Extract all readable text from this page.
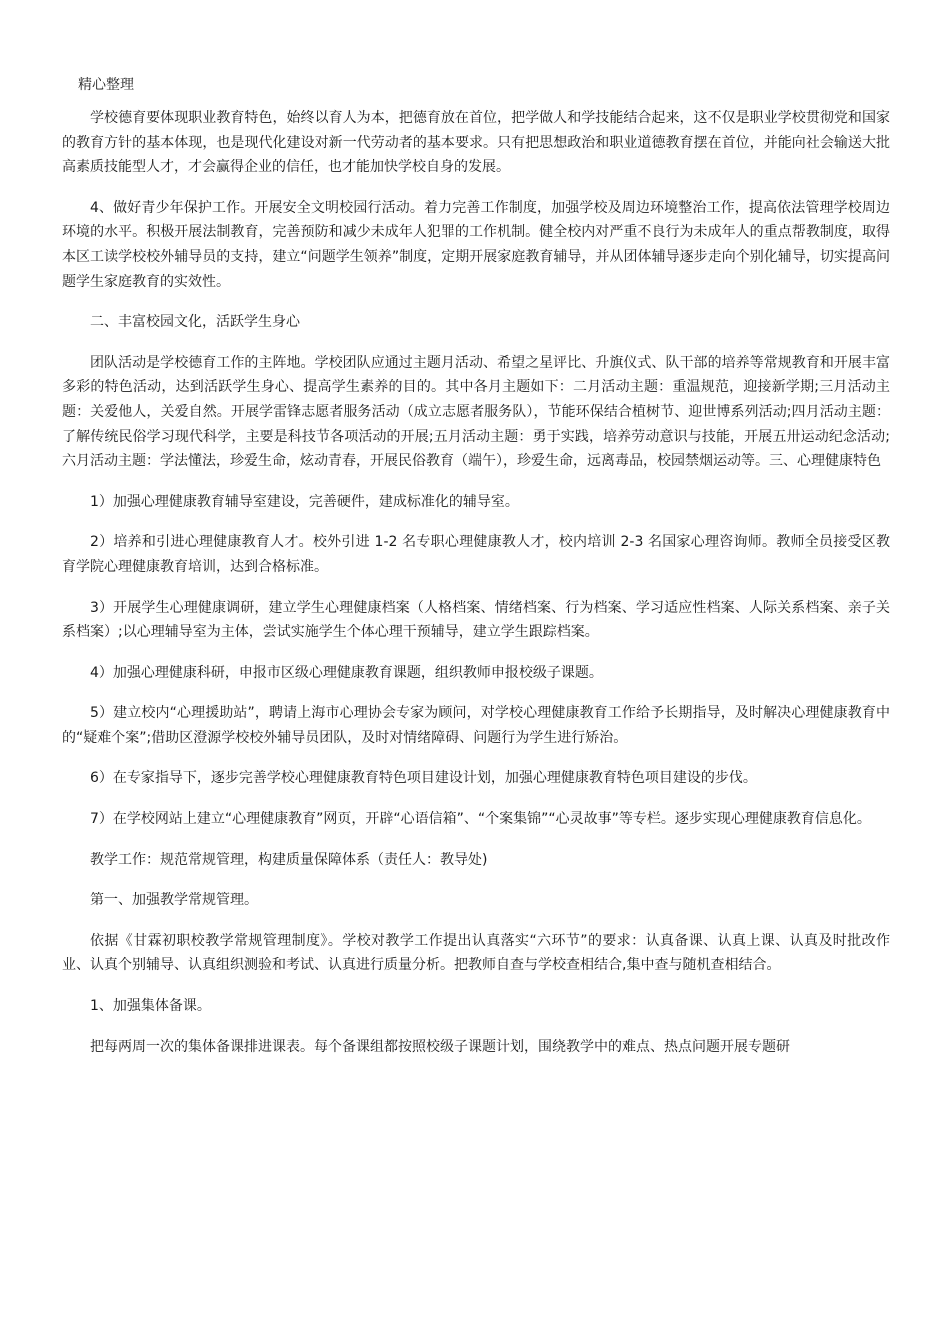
精心整理

学校德育要体现职业教育特色，始终以育人为本，把德育放在首位，把学做人和学技能结合起来，这不仅是职业学校贯彻党和国家的教育方针的基本体现，也是现代化建设对新一代劳动者的基本要求。只有把思想政治和职业道德教育摆在首位，并能向社会输送大批高素质技能型人才，才会赢得企业的信任，也才能加快学校自身的发展。

4、做好青少年保护工作。开展安全文明校园行活动。着力完善工作制度，加强学校及周边环境整治工作，提高依法管理学校周边环境的水平。积极开展法制教育，完善预防和减少未成年人犯罪的工作机制。健全校内对严重不良行为未成年人的重点帮教制度，取得本区工读学校校外辅导员的支持，建立“问题学生领养”制度，定期开展家庭教育辅导，并从团体辅导逐步走向个别化辅导，切实提高问题学生家庭教育的实效性。

二、丰富校园文化，活跃学生身心

团队活动是学校德育工作的主阵地。学校团队应通过主题月活动、希望之星评比、升旗仪式、队干部的培养等常规教育和开展丰富多彩的特色活动，达到活跃学生身心、提高学生素养的目的。其中各月主题如下：二月活动主题：重温规范，迎接新学期;三月活动主题：关爱他人，关爱自然。开展学雷锋志愿者服务活动（成立志愿者服务队），节能环保结合植树节、迎世博系列活动;四月活动主题：了解传统民俗学习现代科学，主要是科技节各项活动的开展;五月活动主题：勇于实践，培养劳动意识与技能，开展五卅运动纪念活动;六月活动主题：学法懂法，珍爱生命，炫动青春，开展民俗教育（端午），珍爱生命，远离毒品，校园禁烟运动等。三、心理健康特色

1）加强心理健康教育辅导室建设，完善硬件，建成标准化的辅导室。

2）培养和引进心理健康教育人才。校外引进 1-2 名专职心理健康教人才，校内培训 2-3 名国家心理咨询师。教师全员接受区教育学院心理健康教育培训，达到合格标准。

3）开展学生心理健康调研，建立学生心理健康档案（人格档案、情绪档案、行为档案、学习适应性档案、人际关系档案、亲子关系档案）;以心理辅导室为主体，尝试实施学生个体心理干预辅导，建立学生跟踪档案。

4）加强心理健康科研，申报市区级心理健康教育课题，组织教师申报校级子课题。

5）建立校内“心理援助站”，聘请上海市心理协会专家为顾问，对学校心理健康教育工作给予长期指导，及时解决心理健康教育中的“疑难个案”;借助区澄源学校校外辅导员团队，及时对情绪障碍、问题行为学生进行矫治。

6）在专家指导下，逐步完善学校心理健康教育特色项目建设计划，加强心理健康教育特色项目建设的步伐。

7）在学校网站上建立“心理健康教育”网页，开辟“心语信箱”、“个案集锦”“心灵故事”等专栏。逐步实现心理健康教育信息化。

教学工作：规范常规管理，构建质量保障体系（责任人：教导处)

第一、加强教学常规管理。

依据《甘霖初职校教学常规管理制度》。学校对教学工作提出认真落实“六环节”的要求：认真备课、认真上课、认真及时批改作业、认真个别辅导、认真组织测验和考试、认真进行质量分析。把教师自查与学校查相结合,集中查与随机查相结合。

1、加强集体备课。

把每两周一次的集体备课排进课表。每个备课组都按照校级子课题计划，围绕教学中的难点、热点问题开展专题研
